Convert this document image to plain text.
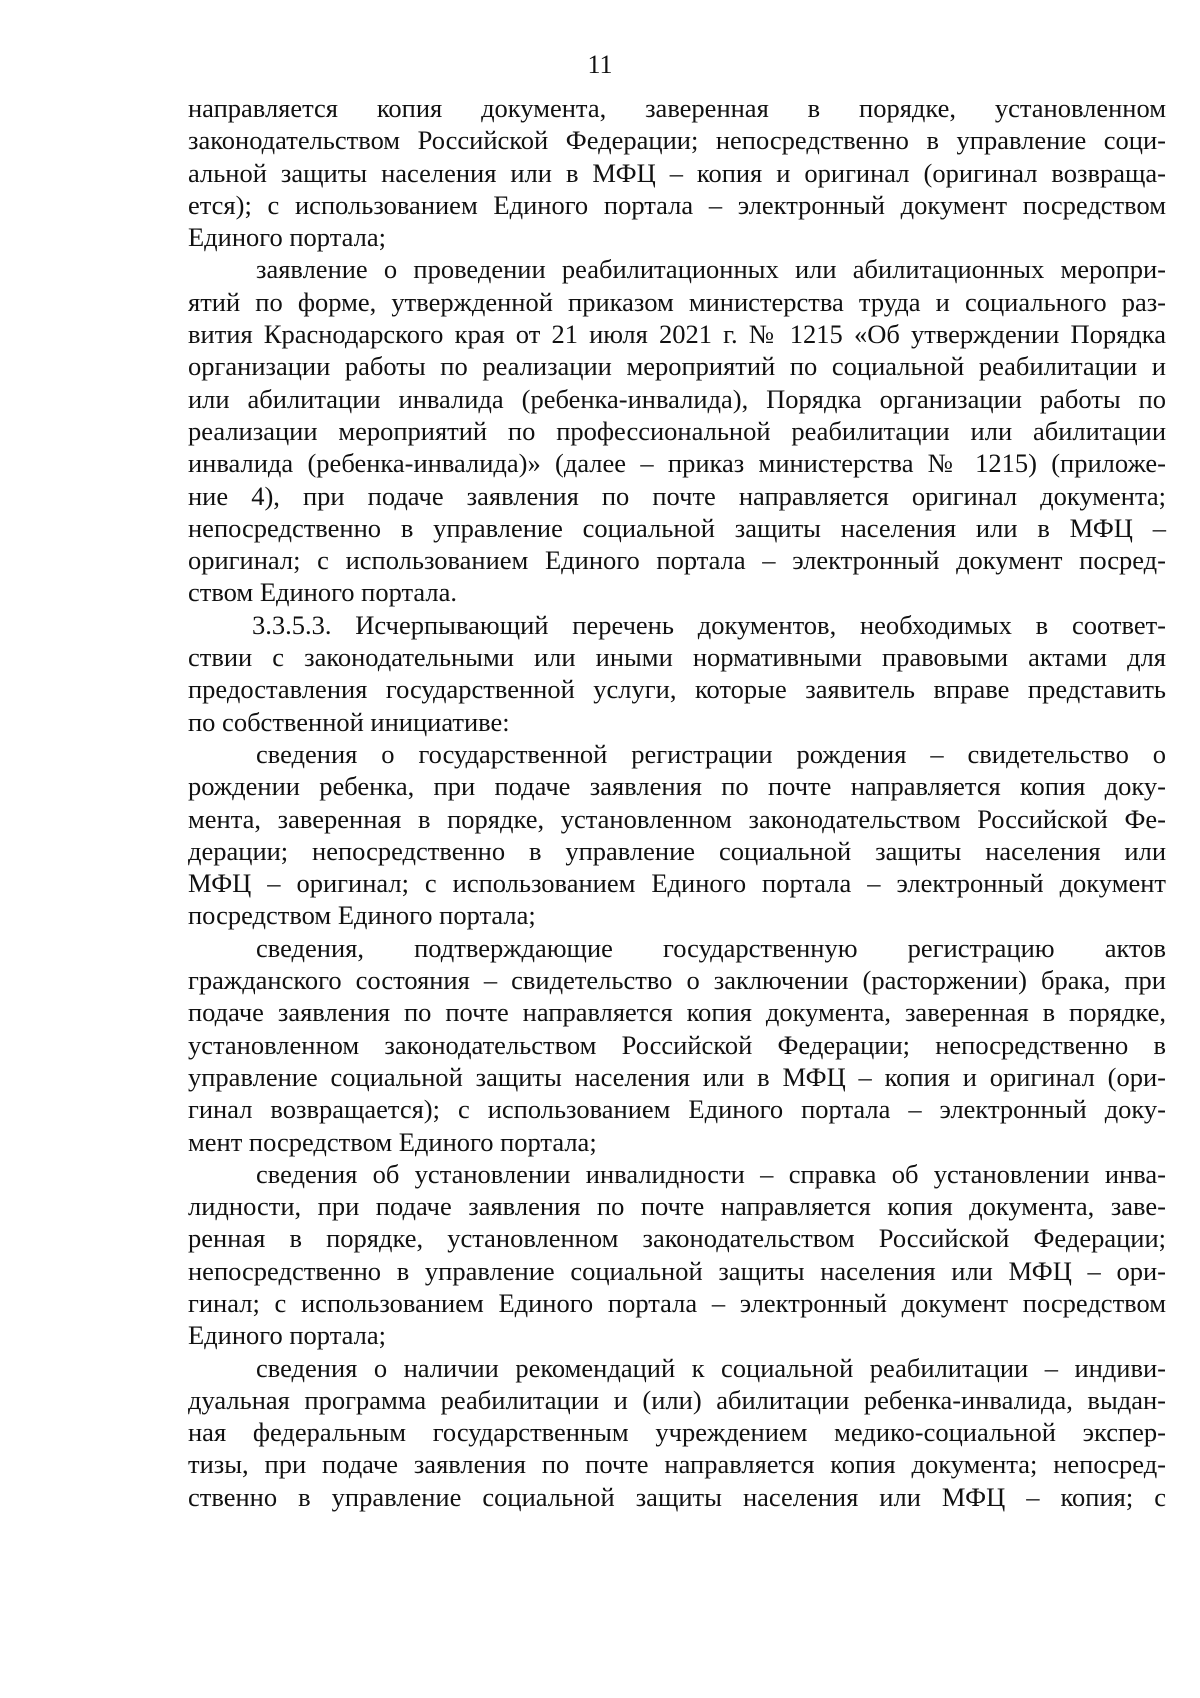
11
направляется копия документа, заверенная в порядке, установленном
законодательством Российской Федерации; непосредственно в управление соци-
альной защиты населения или в МФЦ – копия и оригинал (оригинал возвраща-
ется); с использованием Единого портала – электронный документ посредством
Единого портала;
заявление о проведении реабилитационных или абилитационных меропри-
ятий по форме, утвержденной приказом министерства труда и социального раз-
вития Краснодарского края от 21 июля 2021 г. № 1215 «Об утверждении Порядка
организации работы по реализации мероприятий по социальной реабилитации и
или абилитации инвалида (ребенка-инвалида), Порядка организации работы по
реализации мероприятий по профессиональной реабилитации или абилитации
инвалида (ребенка-инвалида)» (далее – приказ министерства № 1215) (приложе-
ние 4), при подаче заявления по почте направляется оригинал документа;
непосредственно в управление социальной защиты населения или в МФЦ –
оригинал; с использованием Единого портала – электронный документ посред-
ством Единого портала.
3.3.5.3. Исчерпывающий перечень документов, необходимых в соответ-
ствии с законодательными или иными нормативными правовыми актами для
предоставления государственной услуги, которые заявитель вправе представить
по собственной инициативе:
сведения о государственной регистрации рождения – свидетельство о
рождении ребенка, при подаче заявления по почте направляется копия доку-
мента, заверенная в порядке, установленном законодательством Российской Фе-
дерации; непосредственно в управление социальной защиты населения или
МФЦ – оригинал; с использованием Единого портала – электронный документ
посредством Единого портала;
сведения, подтверждающие государственную регистрацию актов
гражданского состояния – свидетельство о заключении (расторжении) брака, при
подаче заявления по почте направляется копия документа, заверенная в порядке,
установленном законодательством Российской Федерации; непосредственно в
управление социальной защиты населения или в МФЦ – копия и оригинал (ори-
гинал возвращается); с использованием Единого портала – электронный доку-
мент посредством Единого портала;
сведения об установлении инвалидности – справка об установлении инва-
лидности, при подаче заявления по почте направляется копия документа, заве-
ренная в порядке, установленном законодательством Российской Федерации;
непосредственно в управление социальной защиты населения или МФЦ – ори-
гинал; с использованием Единого портала – электронный документ посредством
Единого портала;
сведения о наличии рекомендаций к социальной реабилитации – индиви-
дуальная программа реабилитации и (или) абилитации ребенка-инвалида, выдан-
ная федеральным государственным учреждением медико-социальной экспер-
тизы, при подаче заявления по почте направляется копия документа; непосред-
ственно в управление социальной защиты населения или МФЦ – копия; с
